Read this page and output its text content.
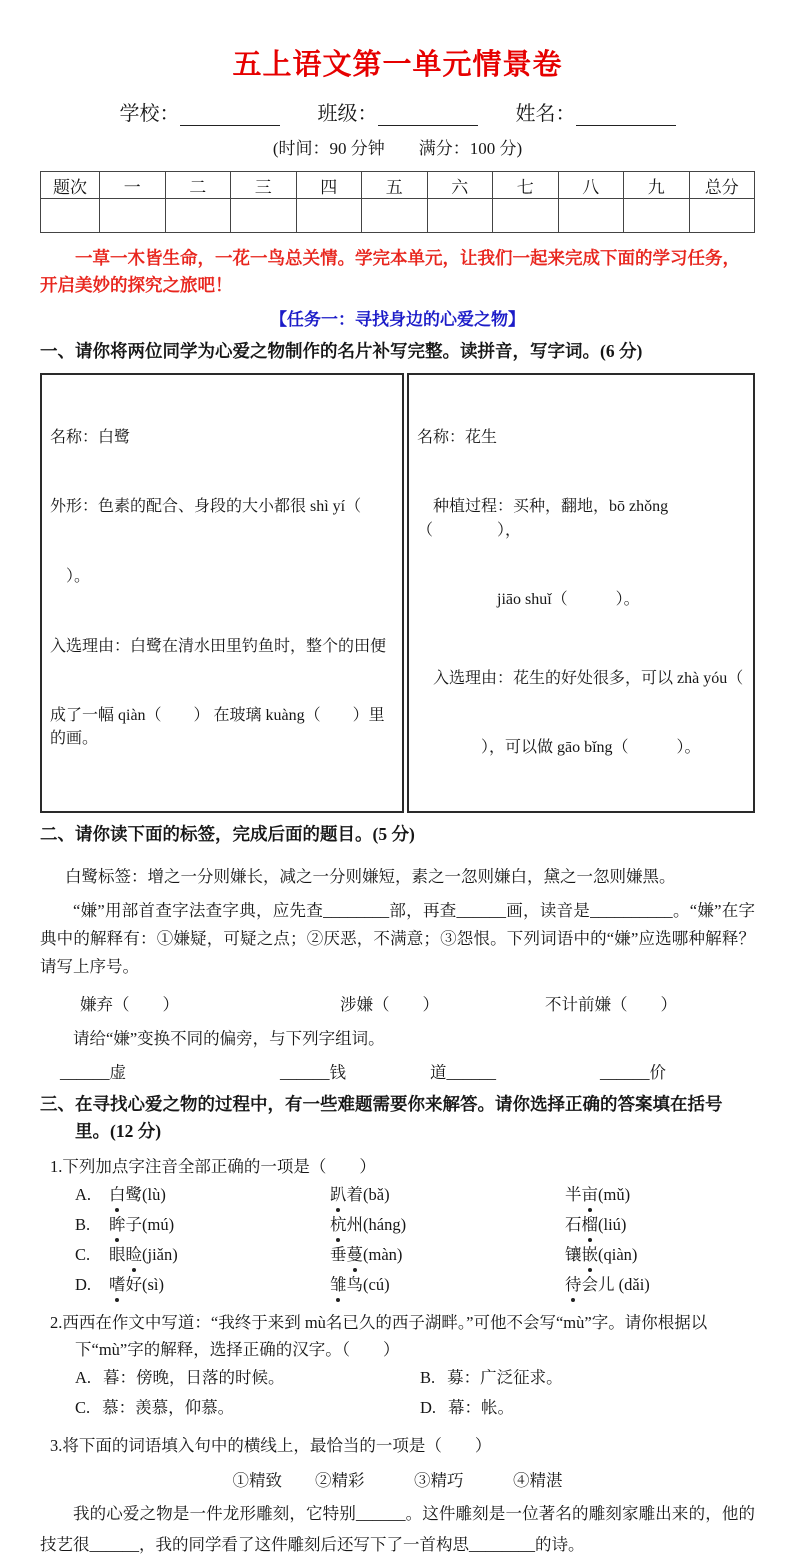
五上语文第一单元情景卷
学校：	班级：	姓名：
(时间：90 分钟　　满分：100 分)
题次	一	二	三	四	五	六	七	八	九	总分

一草一木皆生命，一花一鸟总关情。学完本单元，让我们一起来完成下面的学习任务，开启美妙的探究之旅吧！
【任务一：寻找身边的心爱之物】
一、请你将两位同学为心爱之物制作的名片补写完整。读拼音，写字词。(6 分)

名称：白鹭

外形：色素的配合、身段的大小都很 shì yí（

　）。

入选理由：白鹭在清水田里钓鱼时，整个的田便

成了一幅 qiàn（　　） 在玻璃 kuàng（　　）里的画。

名称：花生

　种植过程：买种，翻地，bō zhǒng（　　　　），

　　　　　jiāo shuǐ（　　　）。

　入选理由：花生的好处很多，可以 zhà yóu（

　　　　），可以做 gāo bǐng（　　　）。

二、请你读下面的标签，完成后面的题目。(5 分)
白鹭标签：增之一分则嫌长，减之一分则嫌短，素之一忽则嫌白，黛之一忽则嫌黑。
“嫌”用部首查字法查字典，应先查________部，再查______画，读音是__________。“嫌”在字典中的解释有：①嫌疑，可疑之点；②厌恶，不满意；③怨恨。下列词语中的“嫌”应选哪种解释？请写上序号。
嫌弃（　　）	涉嫌（　　）	不计前嫌（　　）
请给“嫌”变换不同的偏旁，与下列字组词。
______虚	______钱	道______	______价
三、在寻找心爱之物的过程中，有一些难题需要你来解答。请你选择正确的答案填在括号里。(12 分)
1.下列加点字注音全部正确的一项是（　　）
A.	白鹭(lù)	趴着(bǎ)	半亩(mǔ)
B.	眸子(mú)	杭州(háng)	石榴(liú)
C.	眼睑(jiǎn)	垂蔓(màn)	镶嵌(qiàn)
D.	嗜好(sì)	雏鸟(cú)	待会儿 (dǎi)
2.西西在作文中写道：“我终于来到 mù名已久的西子湖畔。”可他不会写“mù”字。请你根据以下“mù”字的解释，选择正确的汉字。（　　）
A. 暮：傍晚，日落的时候。	B. 募：广泛征求。
C. 慕：羡慕，仰慕。	D. 幕：帐。
3.将下面的词语填入句中的横线上，最恰当的一项是（　　）
①精致　　②精彩　　　③精巧　　　④精湛
我的心爱之物是一件龙形雕刻，它特别______。这件雕刻是一位著名的雕刻家雕出来的，他的技艺很______，我的同学看了这件雕刻后还写下了一首构思________的诗。
